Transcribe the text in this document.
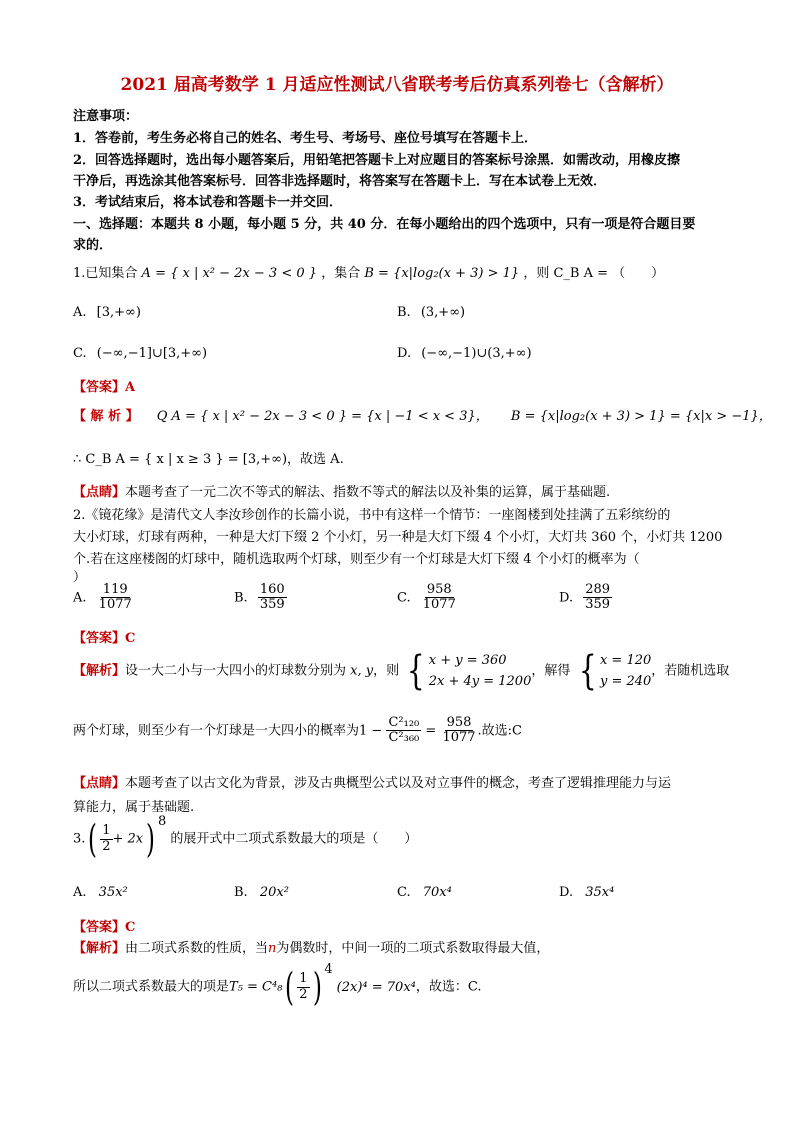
2021 届高考数学 1 月适应性测试八省联考考后仿真系列卷七（含解析）
注意事项：
1．答卷前，考生务必将自己的姓名、考生号、考场号、座位号填写在答题卡上．
2．回答选择题时，选出每小题答案后，用铅笔把答题卡上对应题目的答案标号涂黑．如需改动，用橡皮擦
干净后，再选涂其他答案标号．回答非选择题时，将答案写在答题卡上．写在本试卷上无效．
3．考试结束后，将本试卷和答题卡一并交回．
一、选择题：本题共 8 小题，每小题 5 分，共 40 分．在每小题给出的四个选项中，只有一项是符合题目要
求的．
1.已知集合 A = { x | x² − 2x − 3 < 0 } ，集合 B = {x|log₂(x + 3) > 1} ，则 C_B A = （　　）
A. [3,+∞)	B. (3,+∞)
C. (−∞,−1]∪[3,+∞)	D. (−∞,−1)∪(3,+∞)
【答案】A
【 解 析 】 Q A = { x | x² − 2x − 3 < 0 } = {x | −1 < x < 3}， B = {x|log₂(x + 3) > 1} = {x|x > −1}，
∴ C_B A = { x | x ≥ 3 } = [3,+∞)，故选 A.
【点睛】本题考查了一元二次不等式的解法、指数不等式的解法以及补集的运算，属于基础题.
2.《镜花缘》是清代文人李汝珍创作的长篇小说，书中有这样一个情节：一座阁楼到处挂满了五彩缤纷的
大小灯球，灯球有两种，一种是大灯下缀 2 个小灯，另一种是大灯下缀 4 个小灯，大灯共 360 个，小灯共 1200
个.若在这座楼阁的灯球中，随机选取两个灯球，则至少有一个灯球是大灯下缀 4 个小灯的概率为（
）
A. $\frac{119}{1077}$	B. $\frac{160}{359}$	C. $\frac{958}{1077}$	D. $\frac{289}{359}$
【答案】C
【解析】设一大二小与一大四小的灯球数分别为 x, y，则 { x + y = 360
2x + 4y = 1200
，解得 { x = 120
y = 240
，若随机选取
两个灯球，则至少有一个灯球是一大四小的概率为$1 - \frac{\text{C²₁₂₀}}{\text{C²₃₆₀}} = \frac{958}{1077}$ .故选:C
【点睛】本题考查了以古文化为背景，涉及古典概型公式以及对立事件的概念，考查了逻辑推理能力与运
算能力，属于基础题.
$3.( \frac{1}{2} + 2x)$ $^8$ 的展开式中二项式系数最大的项是（　　）
A. 35x²	B. 20x²	C. 70x⁴	D. 35x⁴
【答案】C
【解析】由二项式系数的性质，当n为偶数时，中间一项的二项式系数取得最大值，
所以二项式系数最大的项是$T_5 = C^4_8( \frac{1}{2}$ ) $^4$(2x)⁴ = 70x⁴，故选：C.
